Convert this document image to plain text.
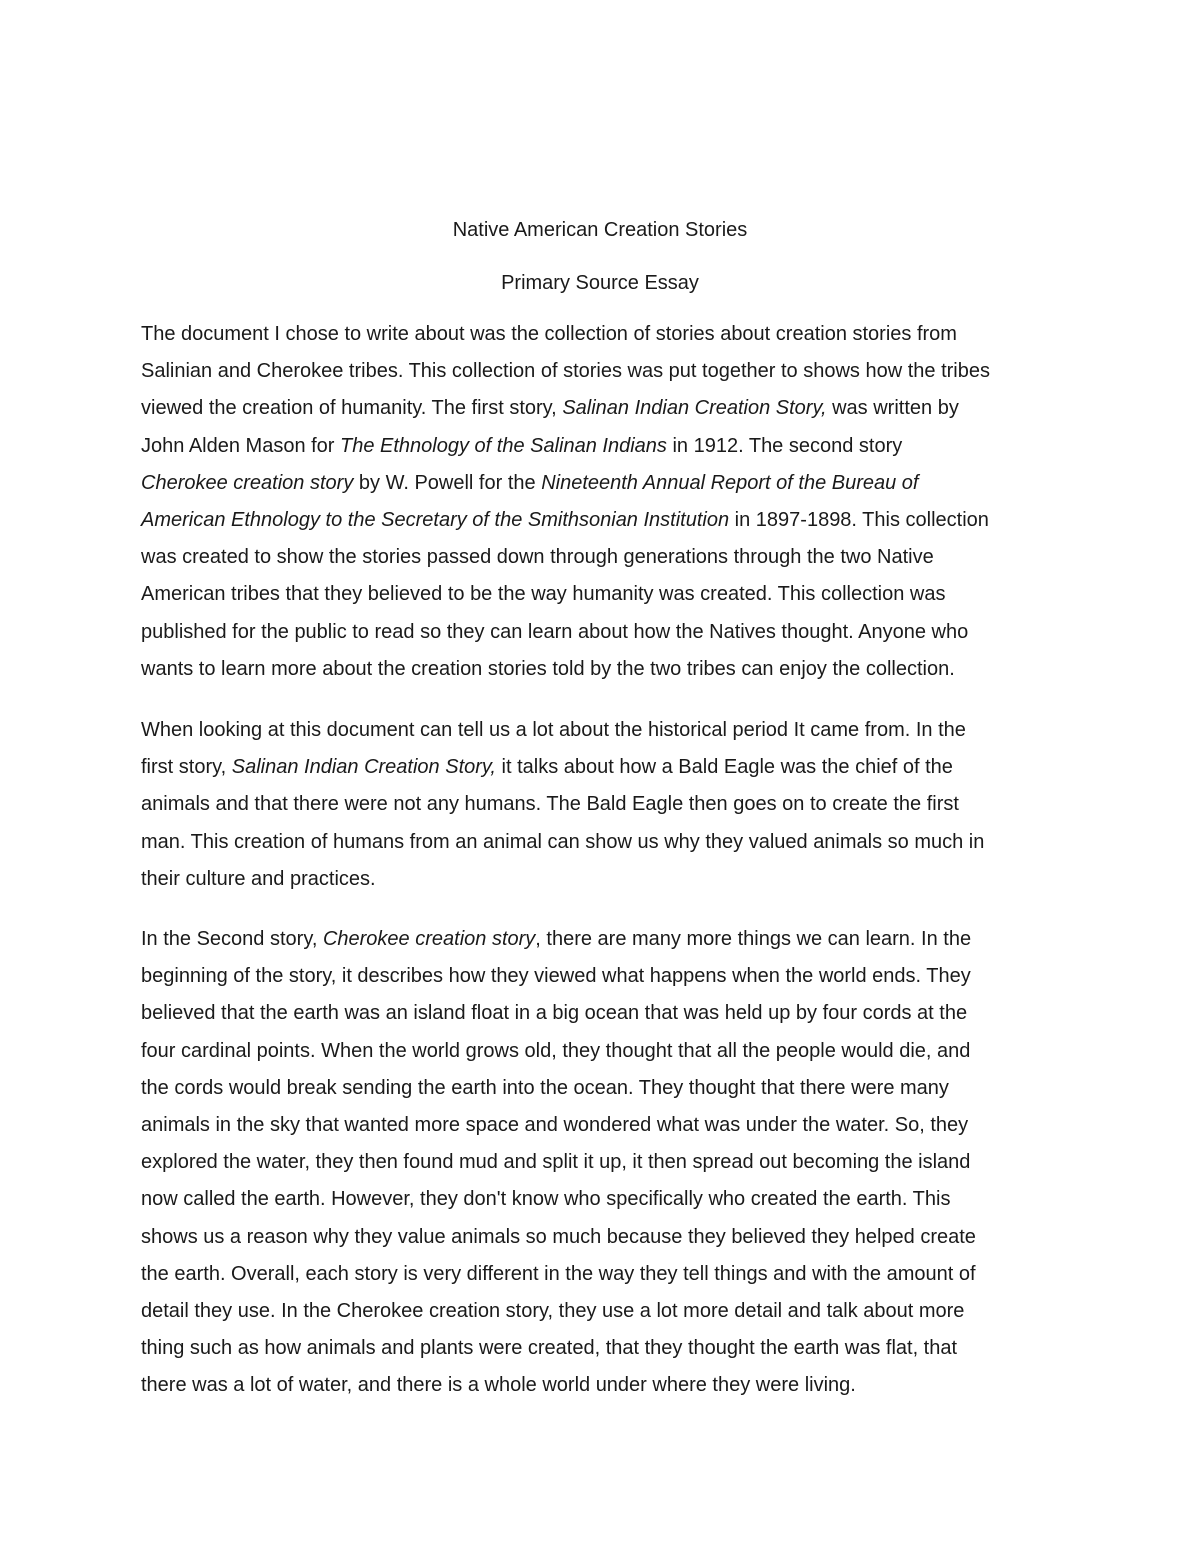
Native American Creation Stories
Primary Source Essay
The document I chose to write about was the collection of stories about creation stories from
Salinian and Cherokee tribes. This collection of stories was put together to shows how the tribes
viewed the creation of humanity. The first story, Salinan Indian Creation Story, was written by
John Alden Mason for The Ethnology of the Salinan Indians in 1912. The second story
Cherokee creation story by W. Powell for the Nineteenth Annual Report of the Bureau of
American Ethnology to the Secretary of the Smithsonian Institution in 1897-1898. This collection
was created to show the stories passed down through generations through the two Native
American tribes that they believed to be the way humanity was created. This collection was
published for the public to read so they can learn about how the Natives thought. Anyone who
wants to learn more about the creation stories told by the two tribes can enjoy the collection.
When looking at this document can tell us a lot about the historical period It came from. In the
first story, Salinan Indian Creation Story, it talks about how a Bald Eagle was the chief of the
animals and that there were not any humans. The Bald Eagle then goes on to create the first
man. This creation of humans from an animal can show us why they valued animals so much in
their culture and practices.
In the Second story, Cherokee creation story, there are many more things we can learn. In the
beginning of the story, it describes how they viewed what happens when the world ends. They
believed that the earth was an island float in a big ocean that was held up by four cords at the
four cardinal points. When the world grows old, they thought that all the people would die, and
the cords would break sending the earth into the ocean. They thought that there were many
animals in the sky that wanted more space and wondered what was under the water. So, they
explored the water, they then found mud and split it up, it then spread out becoming the island
now called the earth. However, they don't know who specifically who created the earth. This
shows us a reason why they value animals so much because they believed they helped create
the earth. Overall, each story is very different in the way they tell things and with the amount of
detail they use. In the Cherokee creation story, they use a lot more detail and talk about more
thing such as how animals and plants were created, that they thought the earth was flat, that
there was a lot of water, and there is a whole world under where they were living.
